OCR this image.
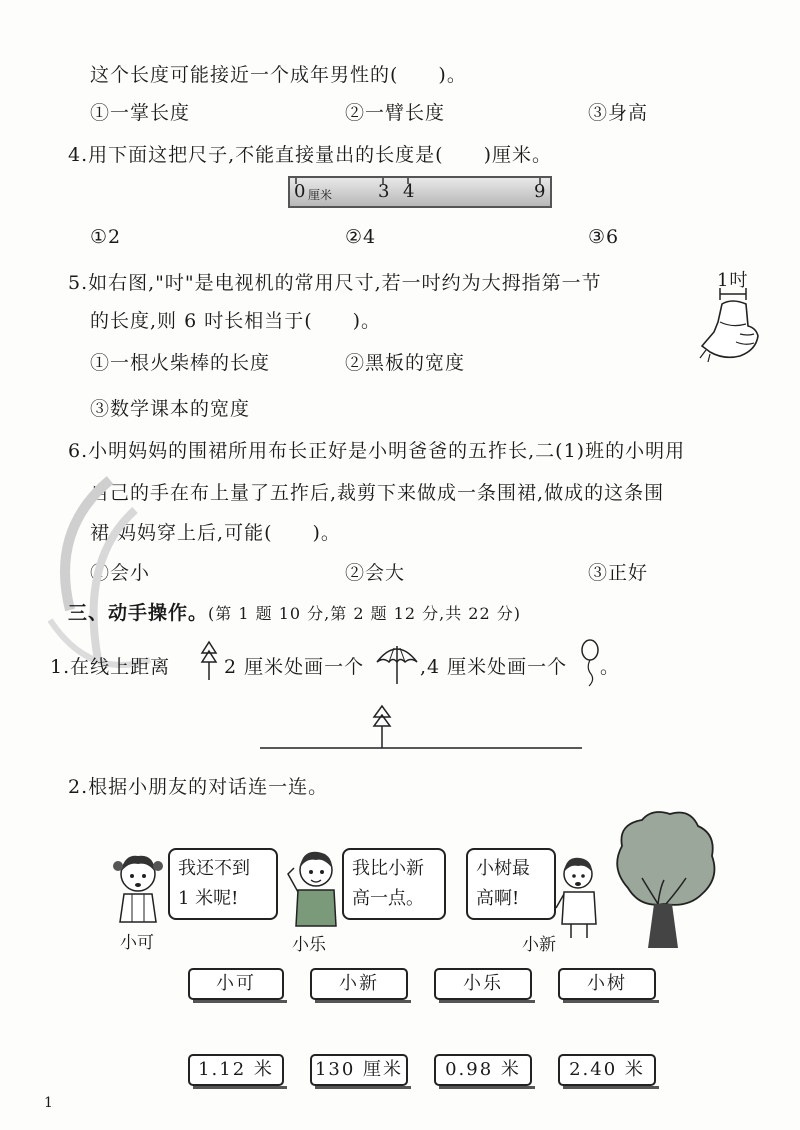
这个长度可能接近一个成年男性的(　　)。
①一掌长度	②一臂长度	③身高
4.用下面这把尺子,不能直接量出的长度是(　　)厘米。
0 厘米	3 4	9
①2	②4	③6
5.如右图,"吋"是电视机的常用尺寸,若一吋约为大拇指第一节
的长度,则 6 吋长相当于(　　)。
①一根火柴棒的长度	②黑板的宽度
③数学课本的宽度
1吋
6.小明妈妈的围裙所用布长正好是小明爸爸的五拃长,二(1)班的小明用
自己的手在布上量了五拃后,裁剪下来做成一条围裙,做成的这条围
裙,妈妈穿上后,可能(　　)。
①会小	②会大	③正好
三、动手操作。(第 1 题 10 分,第 2 题 12 分,共 22 分)
1.在线上距离	2 厘米处画一个	,4 厘米处画一个 。
2.根据小朋友的对话连一连。
我还不到
1 米呢!
小可
我比小新
高一点。
小乐
小树最
高啊!
小新
小可	小新	小乐	小树
1.12 米	130 厘米	0.98 米	2.40 米
1
